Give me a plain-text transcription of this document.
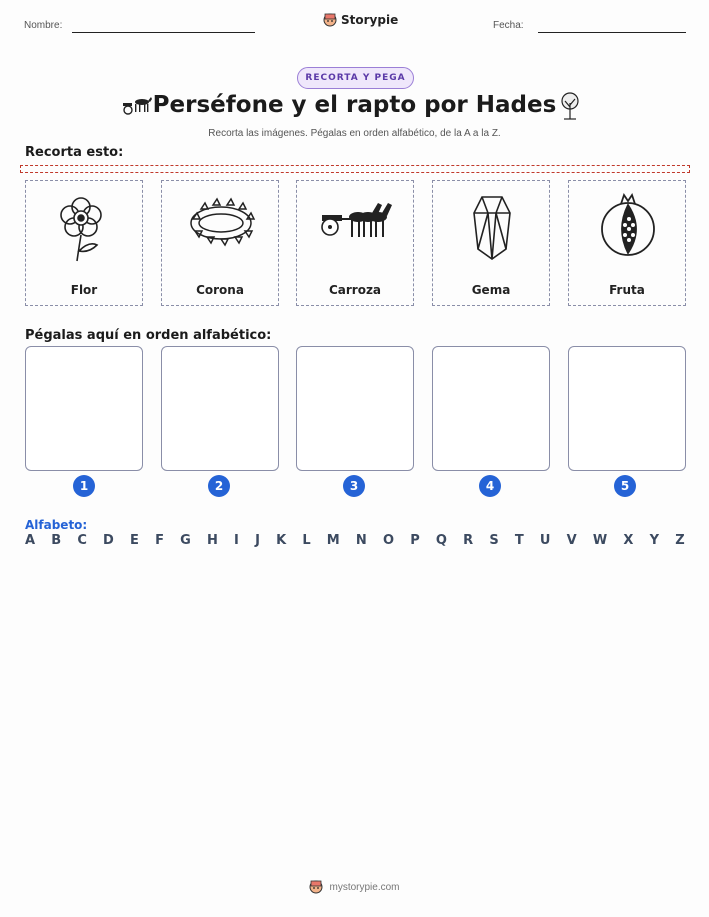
Nombre:	Storypie	Fecha:
RECORTA Y PEGA
Perséfone y el rapto por Hades
Recorta las imágenes. Pégalas en orden alfabético, de la A a la Z.
Recorta esto:
Flor	Corona	Carroza	Gema	Fruta
Pégalas aquí en orden alfabético:
1	2	3	4	5
Alfabeto:
A B C D E F G H I J K L M N O P Q R S T U V W X Y Z
mystorypie.com
